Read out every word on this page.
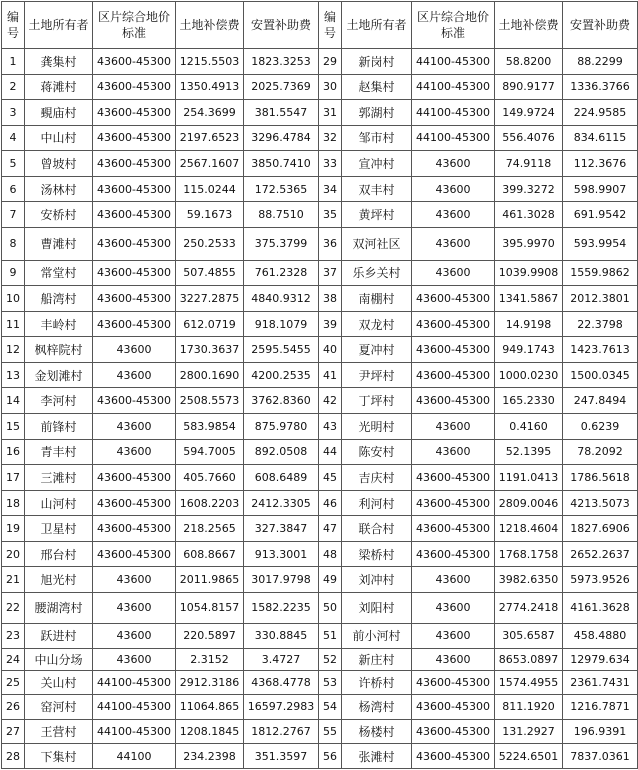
编号	土地所有者	区片综合地价标准	土地补偿费	安置补助费	编号	土地所有者	区片综合地价标准	土地补偿费	安置补助费
1	龚集村	43600-45300	1215.5503	1823.3253	29	新岗村	44100-45300	58.8200	88.2299
2	蒋滩村	43600-45300	1350.4913	2025.7369	30	赵集村	44100-45300	890.9177	1336.3766
3	覡庙村	43600-45300	254.3699	381.5547	31	郭湖村	44100-45300	149.9724	224.9585
4	中山村	43600-45300	2197.6523	3296.4784	32	邹市村	44100-45300	556.4076	834.6115
5	曾坡村	43600-45300	2567.1607	3850.7410	33	宣冲村	43600	74.9118	112.3676
6	汤林村	43600-45300	115.0244	172.5365	34	双丰村	43600	399.3272	598.9907
7	安桥村	43600-45300	59.1673	88.7510	35	黄坪村	43600	461.3028	691.9542
8	曹滩村	43600-45300	250.2533	375.3799	36	双河社区	43600	395.9970	593.9954
9	常堂村	43600-45300	507.4855	761.2328	37	乐乡关村	43600	1039.9908	1559.9862
10	船湾村	43600-45300	3227.2875	4840.9312	38	南棚村	43600-45300	1341.5867	2012.3801
11	丰岭村	43600-45300	612.0719	918.1079	39	双龙村	43600-45300	14.9198	22.3798
12	枫梓院村	43600	1730.3637	2595.5455	40	夏冲村	43600-45300	949.1743	1423.7613
13	金划滩村	43600	2800.1690	4200.2535	41	尹坪村	43600-45300	1000.0230	1500.0345
14	李河村	43600-45300	2508.5573	3762.8360	42	丁坪村	43600-45300	165.2330	247.8494
15	前锋村	43600	583.9854	875.9780	43	光明村	43600	0.4160	0.6239
16	青丰村	43600	594.7005	892.0508	44	陈安村	43600	52.1395	78.2092
17	三滩村	43600-45300	405.7660	608.6489	45	吉庆村	43600-45300	1191.0413	1786.5618
18	山河村	43600-45300	1608.2203	2412.3305	46	利河村	43600-45300	2809.0046	4213.5073
19	卫星村	43600-45300	218.2565	327.3847	47	联合村	43600-45300	1218.4604	1827.6906
20	邢台村	43600-45300	608.8667	913.3001	48	梁桥村	43600-45300	1768.1758	2652.2637
21	旭光村	43600	2011.9865	3017.9798	49	刘冲村	43600	3982.6350	5973.9526
22	腰湖湾村	43600	1054.8157	1582.2235	50	刘阳村	43600	2774.2418	4161.3628
23	跃进村	43600	220.5897	330.8845	51	前小河村	43600	305.6587	458.4880
24	中山分场	43600	2.3152	3.4727	52	新庄村	43600	8653.0897	12979.634
25	关山村	44100-45300	2912.3186	4368.4778	53	许桥村	43600-45300	1574.4955	2361.7431
26	窑河村	44100-45300	11064.865	16597.2983	54	杨湾村	43600-45300	811.1920	1216.7871
27	王营村	44100-45300	1208.1845	1812.2767	55	杨楼村	43600-45300	131.2927	196.9391
28	下集村	44100	234.2398	351.3597	56	张滩村	43600-45300	5224.6501	7837.0361
